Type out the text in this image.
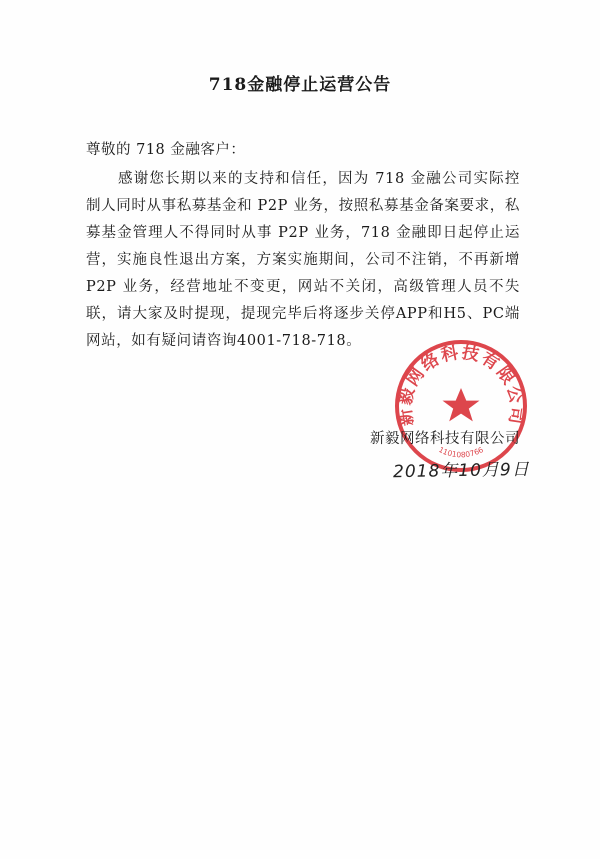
718金融停止运营公告
尊敬的 718 金融客户：
感谢您长期以来的支持和信任，因为 718 金融公司实际控制人同时从事私募基金和 P2P 业务，按照私募基金备案要求，私募基金管理人不得同时从事 P2P 业务，718 金融即日起停止运营，实施良性退出方案，方案实施期间，公司不注销，不再新增 P2P 业务，经营地址不变更，网站不关闭，高级管理人员不失联，请大家及时提现，提现完毕后将逐步关停APP和H5、PC端网站，如有疑问请咨询4001-718-718。
新毅网络科技有限公司
1101080766
新毅网络科技有限公司
2018年10月9日
